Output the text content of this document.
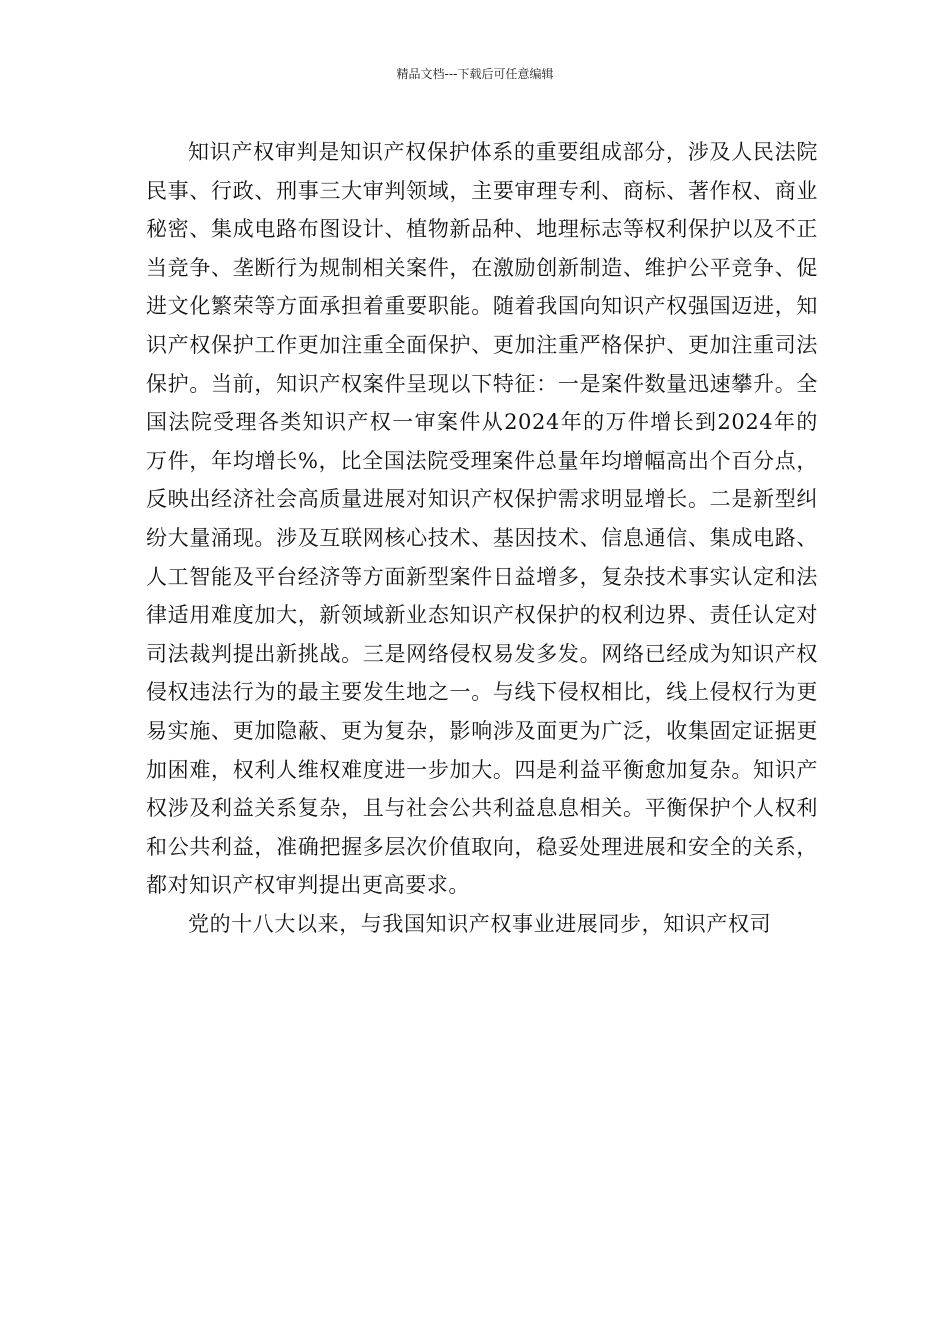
精品文档---下载后可任意编辑

知识产权审判是知识产权保护体系的重要组成部分，涉及人民法院民事、行政、刑事三大审判领域，主要审理专利、商标、著作权、商业秘密、集成电路布图设计、植物新品种、地理标志等权利保护以及不正当竞争、垄断行为规制相关案件，在激励创新制造、维护公平竞争、促进文化繁荣等方面承担着重要职能。随着我国向知识产权强国迈进，知识产权保护工作更加注重全面保护、更加注重严格保护、更加注重司法保护。当前，知识产权案件呈现以下特征：一是案件数量迅速攀升。全国法院受理各类知识产权一审案件从2024年的万件增长到2024年的万件，年均增长%，比全国法院受理案件总量年均增幅高出个百分点，反映出经济社会高质量进展对知识产权保护需求明显增长。二是新型纠纷大量涌现。涉及互联网核心技术、基因技术、信息通信、集成电路、人工智能及平台经济等方面新型案件日益增多，复杂技术事实认定和法律适用难度加大，新领域新业态知识产权保护的权利边界、责任认定对司法裁判提出新挑战。三是网络侵权易发多发。网络已经成为知识产权侵权违法行为的最主要发生地之一。与线下侵权相比，线上侵权行为更易实施、更加隐蔽、更为复杂，影响涉及面更为广泛，收集固定证据更加困难，权利人维权难度进一步加大。四是利益平衡愈加复杂。知识产权涉及利益关系复杂，且与社会公共利益息息相关。平衡保护个人权利和公共利益，准确把握多层次价值取向，稳妥处理进展和安全的关系，都对知识产权审判提出更高要求。

党的十八大以来，与我国知识产权事业进展同步，知识产权司
